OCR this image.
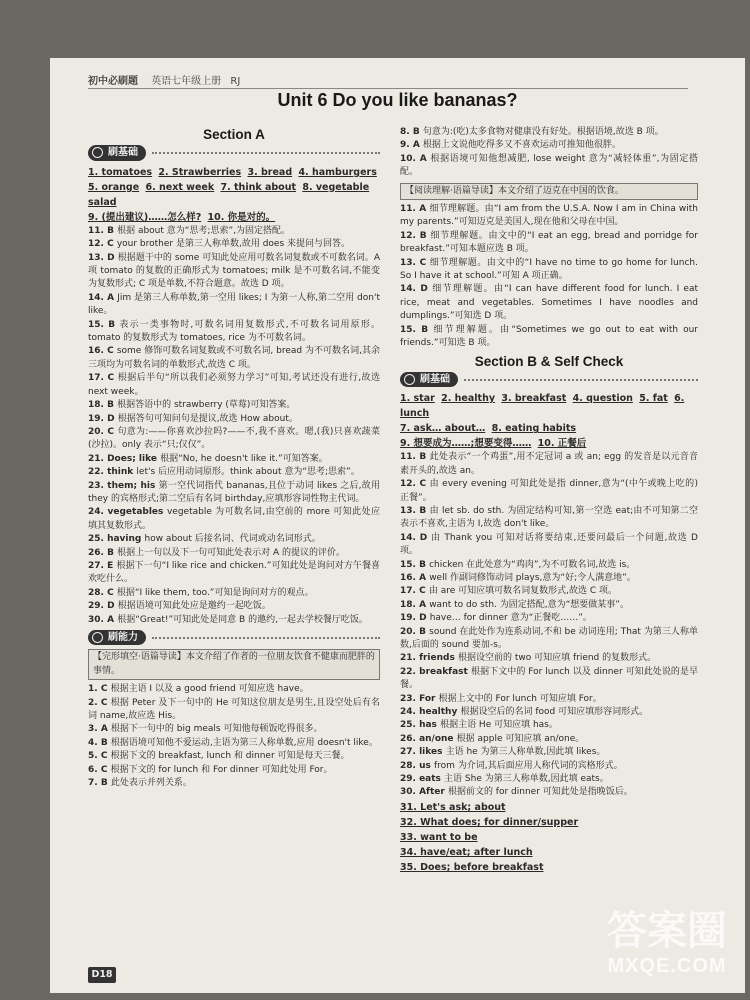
初中必刷题 英语七年级上册 RJ
Unit 6 Do you like bananas?
Section A
刷基础
1. tomatoes 2. Strawberries 3. bread 4. hamburgers
5. orange 6. next week 7. think about 8. vegetable salad
9. (提出建议)……怎么样? 10. 你是对的。
11. B 根据 about 意为“思考;思索”,为固定搭配。
12. C your brother 是第三人称单数,故用 does 来提问与回答。
13. D 根据题干中的 some 可知此处应用可数名词复数或不可数名词。A 项 tomato 的复数的正确形式为 tomatoes; milk 是不可数名词,不能变为复数形式; C 项是单数,不符合题意。故选 D 项。
14. A Jim 是第三人称单数,第一空用 likes; I 为第一人称,第二空用 don't like。
15. B 表示一类事物时,可数名词用复数形式,不可数名词用原形。tomato 的复数形式为 tomatoes, rice 为不可数名词。
16. C some 修饰可数名词复数或不可数名词, bread 为不可数名词,其余三项均为可数名词的单数形式,故选 C 项。
17. C 根据后半句“所以我们必须努力学习”可知,考试还没有进行,故选 next week。
18. B 根据答语中的 strawberry (草莓)可知答案。
19. D 根据答句可知问句是提议,故选 How about。
20. C 句意为:——你喜欢沙拉吗?——不,我不喜欢。嗯,(我)只喜欢蔬菜(沙拉)。only 表示“只;仅仅”。
21. Does; like 根据“No, he doesn't like it.”可知答案。
22. think let's 后应用动词原形。think about 意为“思考;思索”。
23. them; his 第一空代词指代 bananas,且位于动词 likes 之后,故用 they 的宾格形式;第二空后有名词 birthday,应填形容词性物主代词。
24. vegetables vegetable 为可数名词,由空前的 more 可知此处应填其复数形式。
25. having how about 后接名词、代词或动名词形式。
26. B 根据上一句以及下一句可知此处表示对 A 的提议的评价。
27. E 根据下一句“I like rice and chicken.”可知此处是询问对方午餐喜欢吃什么。
28. C 根据“I like them, too.”可知是询问对方的观点。
29. D 根据语境可知此处应是邀约一起吃饭。
30. A 根据“Great!”可知此处是同意 B 的邀约,一起去学校餐厅吃饭。
刷能力
【完形填空·语篇导读】本文介绍了作者的一位朋友饮食不健康而肥胖的事情。
1. C 根据主语 I 以及 a good friend 可知应选 have。
2. C 根据 Peter 及下一句中的 He 可知这位朋友是男生,且设空处后有名词 name,故应选 His。
3. A 根据下一句中的 big meals 可知他每顿饭吃得很多。
4. B 根据语境可知他不爱运动,主语为第三人称单数,应用 doesn't like。
5. C 根据下文的 breakfast, lunch 和 dinner 可知是每天三餐。
6. C 根据下文的 for lunch 和 For dinner 可知此处用 For。
7. B 此处表示并列关系。
8. B 句意为:(吃)太多食物对健康没有好处。根据语境,故选 B 项。
9. A 根据上文说他吃得多又不喜欢运动可推知他很胖。
10. A 根据语境可知他想减肥, lose weight 意为“减轻体重”,为固定搭配。
【阅读理解·语篇导读】本文介绍了迈克在中国的饮食。
11. A 细节理解题。由“I am from the U.S.A. Now I am in China with my parents.”可知迈克是美国人,现在他和父母在中国。
12. B 细节理解题。由文中的“I eat an egg, bread and porridge for breakfast.”可知本题应选 B 项。
13. C 细节理解题。由文中的“I have no time to go home for lunch. So I have it at school.”可知 A 项正确。
14. D 细节理解题。由“I can have different food for lunch. I eat rice, meat and vegetables. Sometimes I have noodles and dumplings.”可知选 D 项。
15. B 细节理解题。由“Sometimes we go out to eat with our friends.”可知选 B 项。
Section B & Self Check
刷基础
1. star 2. healthy 3. breakfast 4. question 5. fat 6. lunch
7. ask… about… 8. eating habits
9. 想要成为……;想要变得…… 10. 正餐后
11. B 此处表示“一个鸡蛋”,用不定冠词 a 或 an; egg 的发音是以元音音素开头的,故选 an。
12. C 由 every evening 可知此处是指 dinner,意为“(中午或晚上吃的)正餐”。
13. B 由 let sb. do sth. 为固定结构可知,第一空选 eat;由不可知第二空表示不喜欢,主语为 I,故选 don't like。
14. D 由 Thank you 可知对话将要结束,还要问最后一个问题,故选 D 项。
15. B chicken 在此处意为“鸡肉”,为不可数名词,故选 is。
16. A well 作副词修饰动词 plays,意为“好;令人满意地”。
17. C 由 are 可知应填可数名词复数形式,故选 C 项。
18. A want to do sth. 为固定搭配,意为“想要做某事”。
19. D have… for dinner 意为“正餐吃……”。
20. B sound 在此处作为连系动词,不和 be 动词连用; That 为第三人称单数,后面的 sound 要加-s。
21. friends 根据设空前的 two 可知应填 friend 的复数形式。
22. breakfast 根据下文中的 For lunch 以及 dinner 可知此处说的是早餐。
23. For 根据上文中的 For lunch 可知应填 For。
24. healthy 根据设空后的名词 food 可知应填形容词形式。
25. has 根据主语 He 可知应填 has。
26. an/one 根据 apple 可知应填 an/one。
27. likes 主语 he 为第三人称单数,因此填 likes。
28. us from 为介词,其后面应用人称代词的宾格形式。
29. eats 主语 She 为第三人称单数,因此填 eats。
30. After 根据前文的 for dinner 可知此处是指晚饭后。
31. Let's ask; about
32. What does; for dinner/supper
33. want to be
34. have/eat; after lunch
35. Does; before breakfast
D18
答案圈
MXQE.COM
